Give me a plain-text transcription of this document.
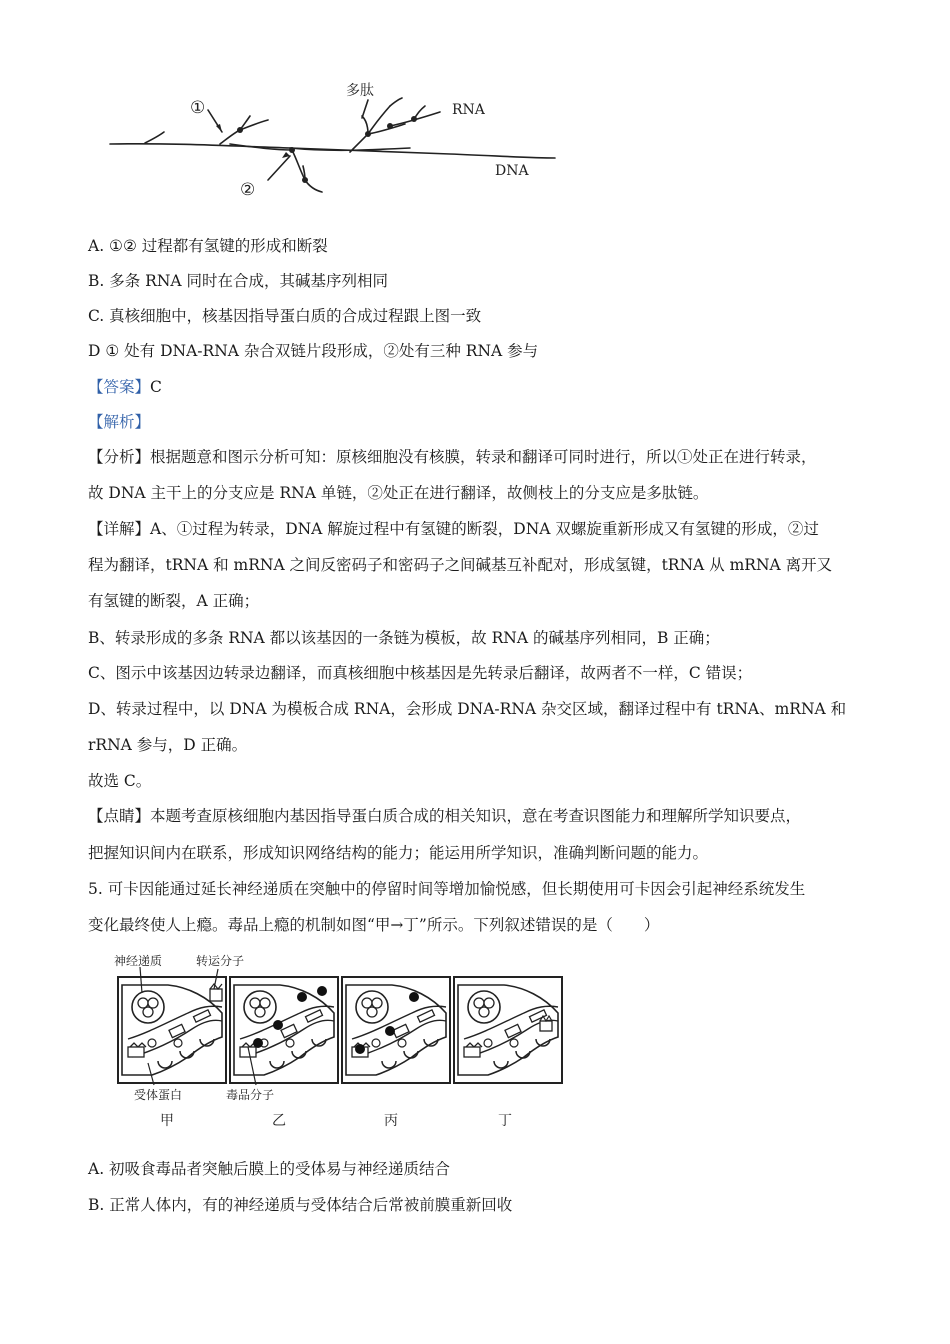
多肽
RNA
DNA
①
②
A. ①② 过程都有氢键的形成和断裂
B. 多条 RNA 同时在合成，其碱基序列相同
C. 真核细胞中，核基因指导蛋白质的合成过程跟上图一致
D ① 处有 DNA-RNA 杂合双链片段形成，②处有三种 RNA 参与
【答案】C
【解析】
【分析】根据题意和图示分析可知：原核细胞没有核膜，转录和翻译可同时进行，所以①处正在进行转录，
故 DNA 主干上的分支应是 RNA 单链，②处正在进行翻译，故侧枝上的分支应是多肽链。
【详解】A、①过程为转录，DNA 解旋过程中有氢键的断裂，DNA 双螺旋重新形成又有氢键的形成，②过
程为翻译，tRNA 和 mRNA 之间反密码子和密码子之间碱基互补配对，形成氢键，tRNA 从 mRNA 离开又
有氢键的断裂，A 正确；
B、转录形成的多条 RNA 都以该基因的一条链为模板，故 RNA 的碱基序列相同，B 正确；
C、图示中该基因边转录边翻译，而真核细胞中核基因是先转录后翻译，故两者不一样，C 错误；
D、转录过程中，以 DNA 为模板合成 RNA，会形成 DNA-RNA 杂交区域，翻译过程中有 tRNA、mRNA 和
rRNA 参与，D 正确。
故选 C。
【点睛】本题考查原核细胞内基因指导蛋白质合成的相关知识，意在考查识图能力和理解所学知识要点，
把握知识间内在联系，形成知识网络结构的能力；能运用所学知识，准确判断问题的能力。
5. 可卡因能通过延长神经递质在突触中的停留时间等增加愉悦感，但长期使用可卡因会引起神经系统发生
变化最终使人上瘾。毒品上瘾的机制如图“甲→丁”所示。下列叙述错误的是（　　）
神经递质	转运分子
受体蛋白	毒品分子
甲	乙	丙	丁
A. 初吸食毒品者突触后膜上的受体易与神经递质结合
B. 正常人体内，有的神经递质与受体结合后常被前膜重新回收
